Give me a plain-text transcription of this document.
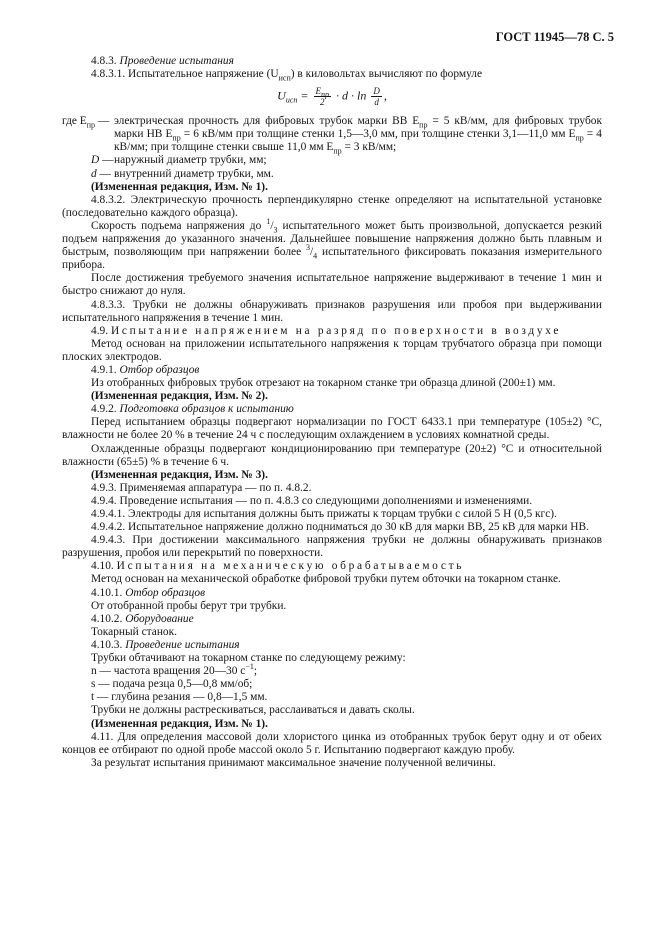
ГОСТ 11945—78 С. 5
4.8.3. Проведение испытания
4.8.3.1. Испытательное напряжение $(U_{исп})$ в киловольтах вычисляют по формуле
$U_{исп} = \frac{E_{пр}}{2} \cdot d \cdot \ln \frac{D}{d}$ ,
где $E_{пр}$ — электрическая прочность для фибровых трубок марки ВВ $E_{пр} = 5$ кВ/мм, для фибровых трубок марки НВ $E_{пр} = 6$ кВ/мм при толщине стенки 1,5—3,0 мм, при толщине стенки 3,1—11,0 мм $E_{пр} = 4$ кВ/мм; при толщине стенки свыше 11,0 мм $E_{пр} = 3$ кВ/мм;
D — наружный диаметр трубки, мм;
d — внутренний диаметр трубки, мм.
(Измененная редакция, Изм. № 1).
4.8.3.2. Электрическую прочность перпендикулярно стенке определяют на испытательной установке (последовательно каждого образца).
Скорость подъема напряжения до $^1/_3$ испытательного может быть произвольной, допускается резкий подъем напряжения до указанного значения. Дальнейшее повышение напряжения должно быть плавным и быстрым, позволяющим при напряжении более $^3/_4$ испытательного фиксировать показания измерительного прибора.
После достижения требуемого значения испытательное напряжение выдерживают в течение 1 мин и быстро снижают до нуля.
4.8.3.3. Трубки не должны обнаруживать признаков разрушения или пробоя при выдерживании испытательного напряжения в течение 1 мин.
4.9. Испытание напряжением на разряд по поверхности в воздухе
Метод основан на приложении испытательного напряжения к торцам трубчатого образца при помощи плоских электродов.
4.9.1. Отбор образцов
Из отобранных фибровых трубок отрезают на токарном станке три образца длиной (200±1) мм.
(Измененная редакция, Изм. № 2).
4.9.2. Подготовка образцов к испытанию
Перед испытанием образцы подвергают нормализации по ГОСТ 6433.1 при температуре (105±2) °С, влажности не более 20 % в течение 24 ч с последующим охлаждением в условиях комнатной среды.
Охлажденные образцы подвергают кондиционированию при температуре (20±2) °С и относительной влажности (65±5) % в течение 6 ч.
(Измененная редакция, Изм. № 3).
4.9.3. Применяемая аппаратура — по п. 4.8.2.
4.9.4. Проведение испытания — по п. 4.8.3 со следующими дополнениями и изменениями.
4.9.4.1. Электроды для испытания должны быть прижаты к торцам трубки с силой 5 Н (0,5 кгс).
4.9.4.2. Испытательное напряжение должно подниматься до 30 кВ для марки ВВ, 25 кВ для марки НВ.
4.9.4.3. При достижении максимального напряжения трубки не должны обнаруживать признаков разрушения, пробоя или перекрытий по поверхности.
4.10. Испытания на механическую обрабатываемость
Метод основан на механической обработке фибровой трубки путем обточки на токарном станке.
4.10.1. Отбор образцов
От отобранной пробы берут три трубки.
4.10.2. Оборудование
Токарный станок.
4.10.3. Проведение испытания
Трубки обтачивают на токарном станке по следующему режиму:
n — частота вращения 20—30 $с^{-1}$;
s — подача резца 0,5—0,8 мм/об;
t — глубина резания — 0,8—1,5 мм.
Трубки не должны растрескиваться, расслаиваться и давать сколы.
(Измененная редакция, Изм. № 1).
4.11. Для определения массовой доли хлористого цинка из отобранных трубок берут одну и от обеих концов ее отбирают по одной пробе массой около 5 г. Испытанию подвергают каждую пробу.
За результат испытания принимают максимальное значение полученной величины.
